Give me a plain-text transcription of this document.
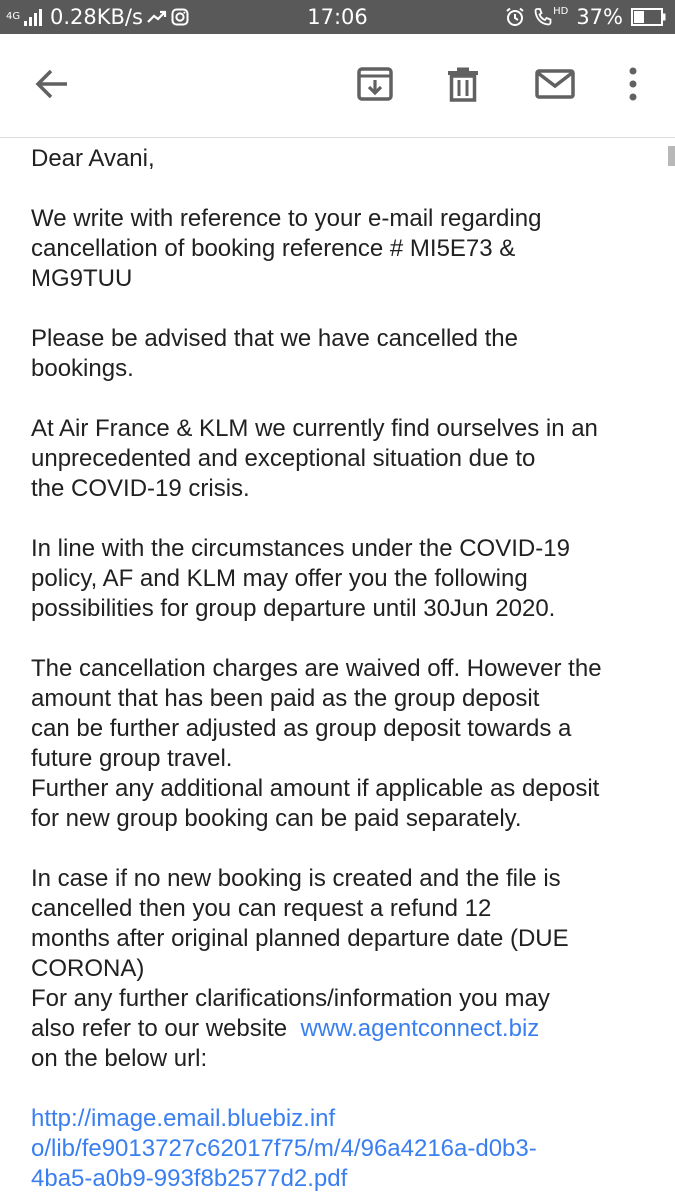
4G 0.28KB/s	17:06	HD 37%

Dear Avani,

We write with reference to your e-mail regarding

cancellation of booking reference # MI5E73 &

MG9TUU

Please be advised that we have cancelled the

bookings.

At Air France & KLM we currently find ourselves in an

unprecedented and exceptional situation due to

the COVID-19 crisis.

In line with the circumstances under the COVID-19

policy, AF and KLM may offer you the following

possibilities for group departure until 30Jun 2020.

The cancellation charges are waived off. However the

amount that has been paid as the group deposit

can be further adjusted as group deposit towards a

future group travel.

Further any additional amount if applicable as deposit

for new group booking can be paid separately.

In case if no new booking is created and the file is

cancelled then you can request a refund 12

months after original planned departure date (DUE

CORONA)

For any further clarifications/information you may

also refer to our website  www.agentconnect.biz

on the below url:

http://image.email.bluebiz.inf

o/lib/fe9013727c62017f75/m/4/96a4216a-d0b3-

4ba5-a0b9-993f8b2577d2.pdf
